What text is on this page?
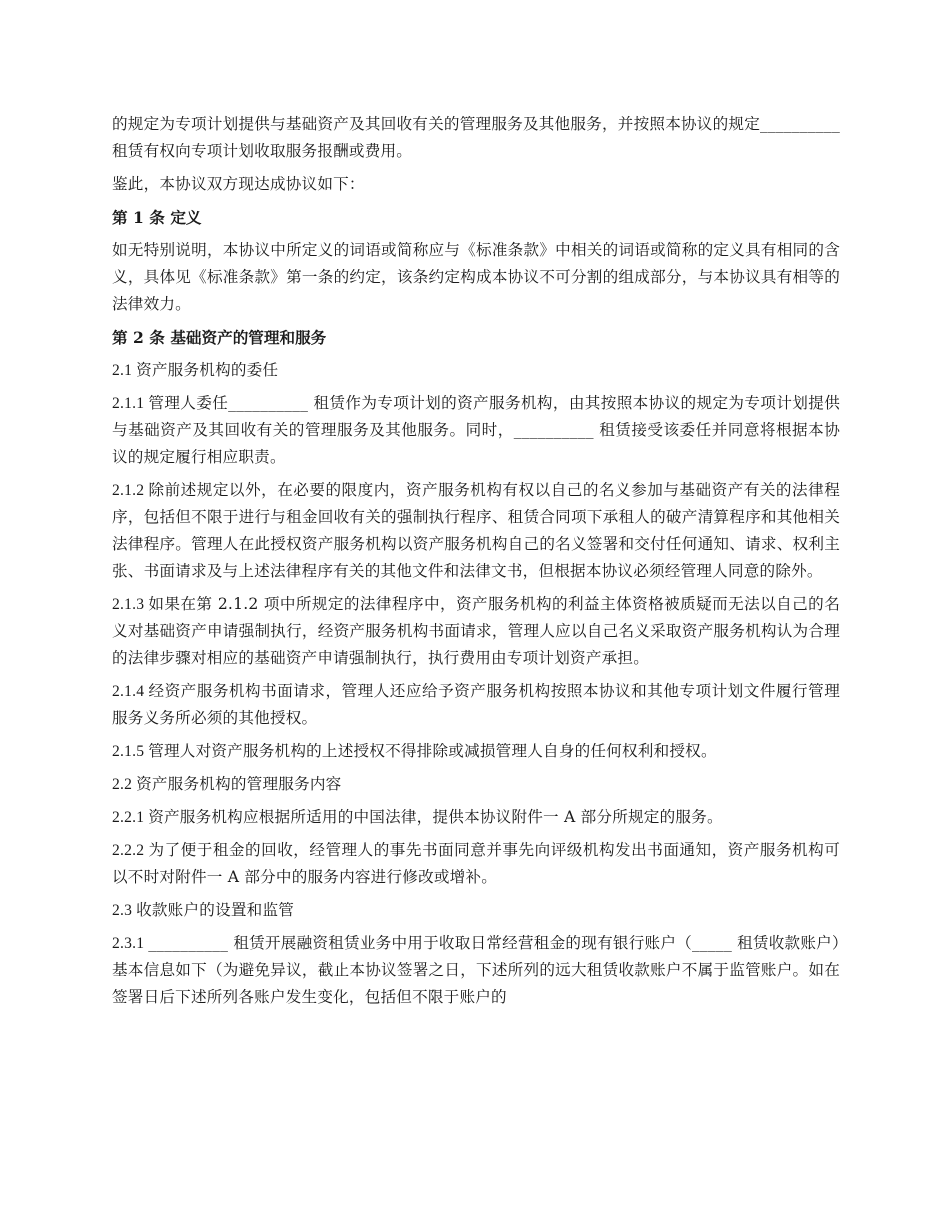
的规定为专项计划提供与基础资产及其回收有关的管理服务及其他服务，并按照本协议的规定__________ 租赁有权向专项计划收取服务报酬或费用。

鉴此，本协议双方现达成协议如下：

第 1 条 定义

如无特别说明，本协议中所定义的词语或简称应与《标准条款》中相关的词语或简称的定义具有相同的含义，具体见《标准条款》第一条的约定，该条约定构成本协议不可分割的组成部分，与本协议具有相等的法律效力。

第 2 条 基础资产的管理和服务

2.1 资产服务机构的委任

2.1.1 管理人委任__________ 租赁作为专项计划的资产服务机构，由其按照本协议的规定为专项计划提供与基础资产及其回收有关的管理服务及其他服务。同时，__________ 租赁接受该委任并同意将根据本协议的规定履行相应职责。

2.1.2 除前述规定以外，在必要的限度内，资产服务机构有权以自己的名义参加与基础资产有关的法律程序，包括但不限于进行与租金回收有关的强制执行程序、租赁合同项下承租人的破产清算程序和其他相关法律程序。管理人在此授权资产服务机构以资产服务机构自己的名义签署和交付任何通知、请求、权利主张、书面请求及与上述法律程序有关的其他文件和法律文书，但根据本协议必须经管理人同意的除外。

2.1.3 如果在第 2.1.2 项中所规定的法律程序中，资产服务机构的利益主体资格被质疑而无法以自己的名义对基础资产申请强制执行，经资产服务机构书面请求，管理人应以自己名义采取资产服务机构认为合理的法律步骤对相应的基础资产申请强制执行，执行费用由专项计划资产承担。

2.1.4 经资产服务机构书面请求，管理人还应给予资产服务机构按照本协议和其他专项计划文件履行管理服务义务所必须的其他授权。

2.1.5 管理人对资产服务机构的上述授权不得排除或减损管理人自身的任何权利和授权。

2.2 资产服务机构的管理服务内容

2.2.1 资产服务机构应根据所适用的中国法律，提供本协议附件一 A 部分所规定的服务。

2.2.2 为了便于租金的回收，经管理人的事先书面同意并事先向评级机构发出书面通知，资产服务机构可以不时对附件一 A 部分中的服务内容进行修改或增补。

2.3 收款账户的设置和监管

2.3.1 __________ 租赁开展融资租赁业务中用于收取日常经营租金的现有银行账户（_____ 租赁收款账户）基本信息如下（为避免异议，截止本协议签署之日，下述所列的远大租赁收款账户不属于监管账户。如在签署日后下述所列各账户发生变化，包括但不限于账户的
